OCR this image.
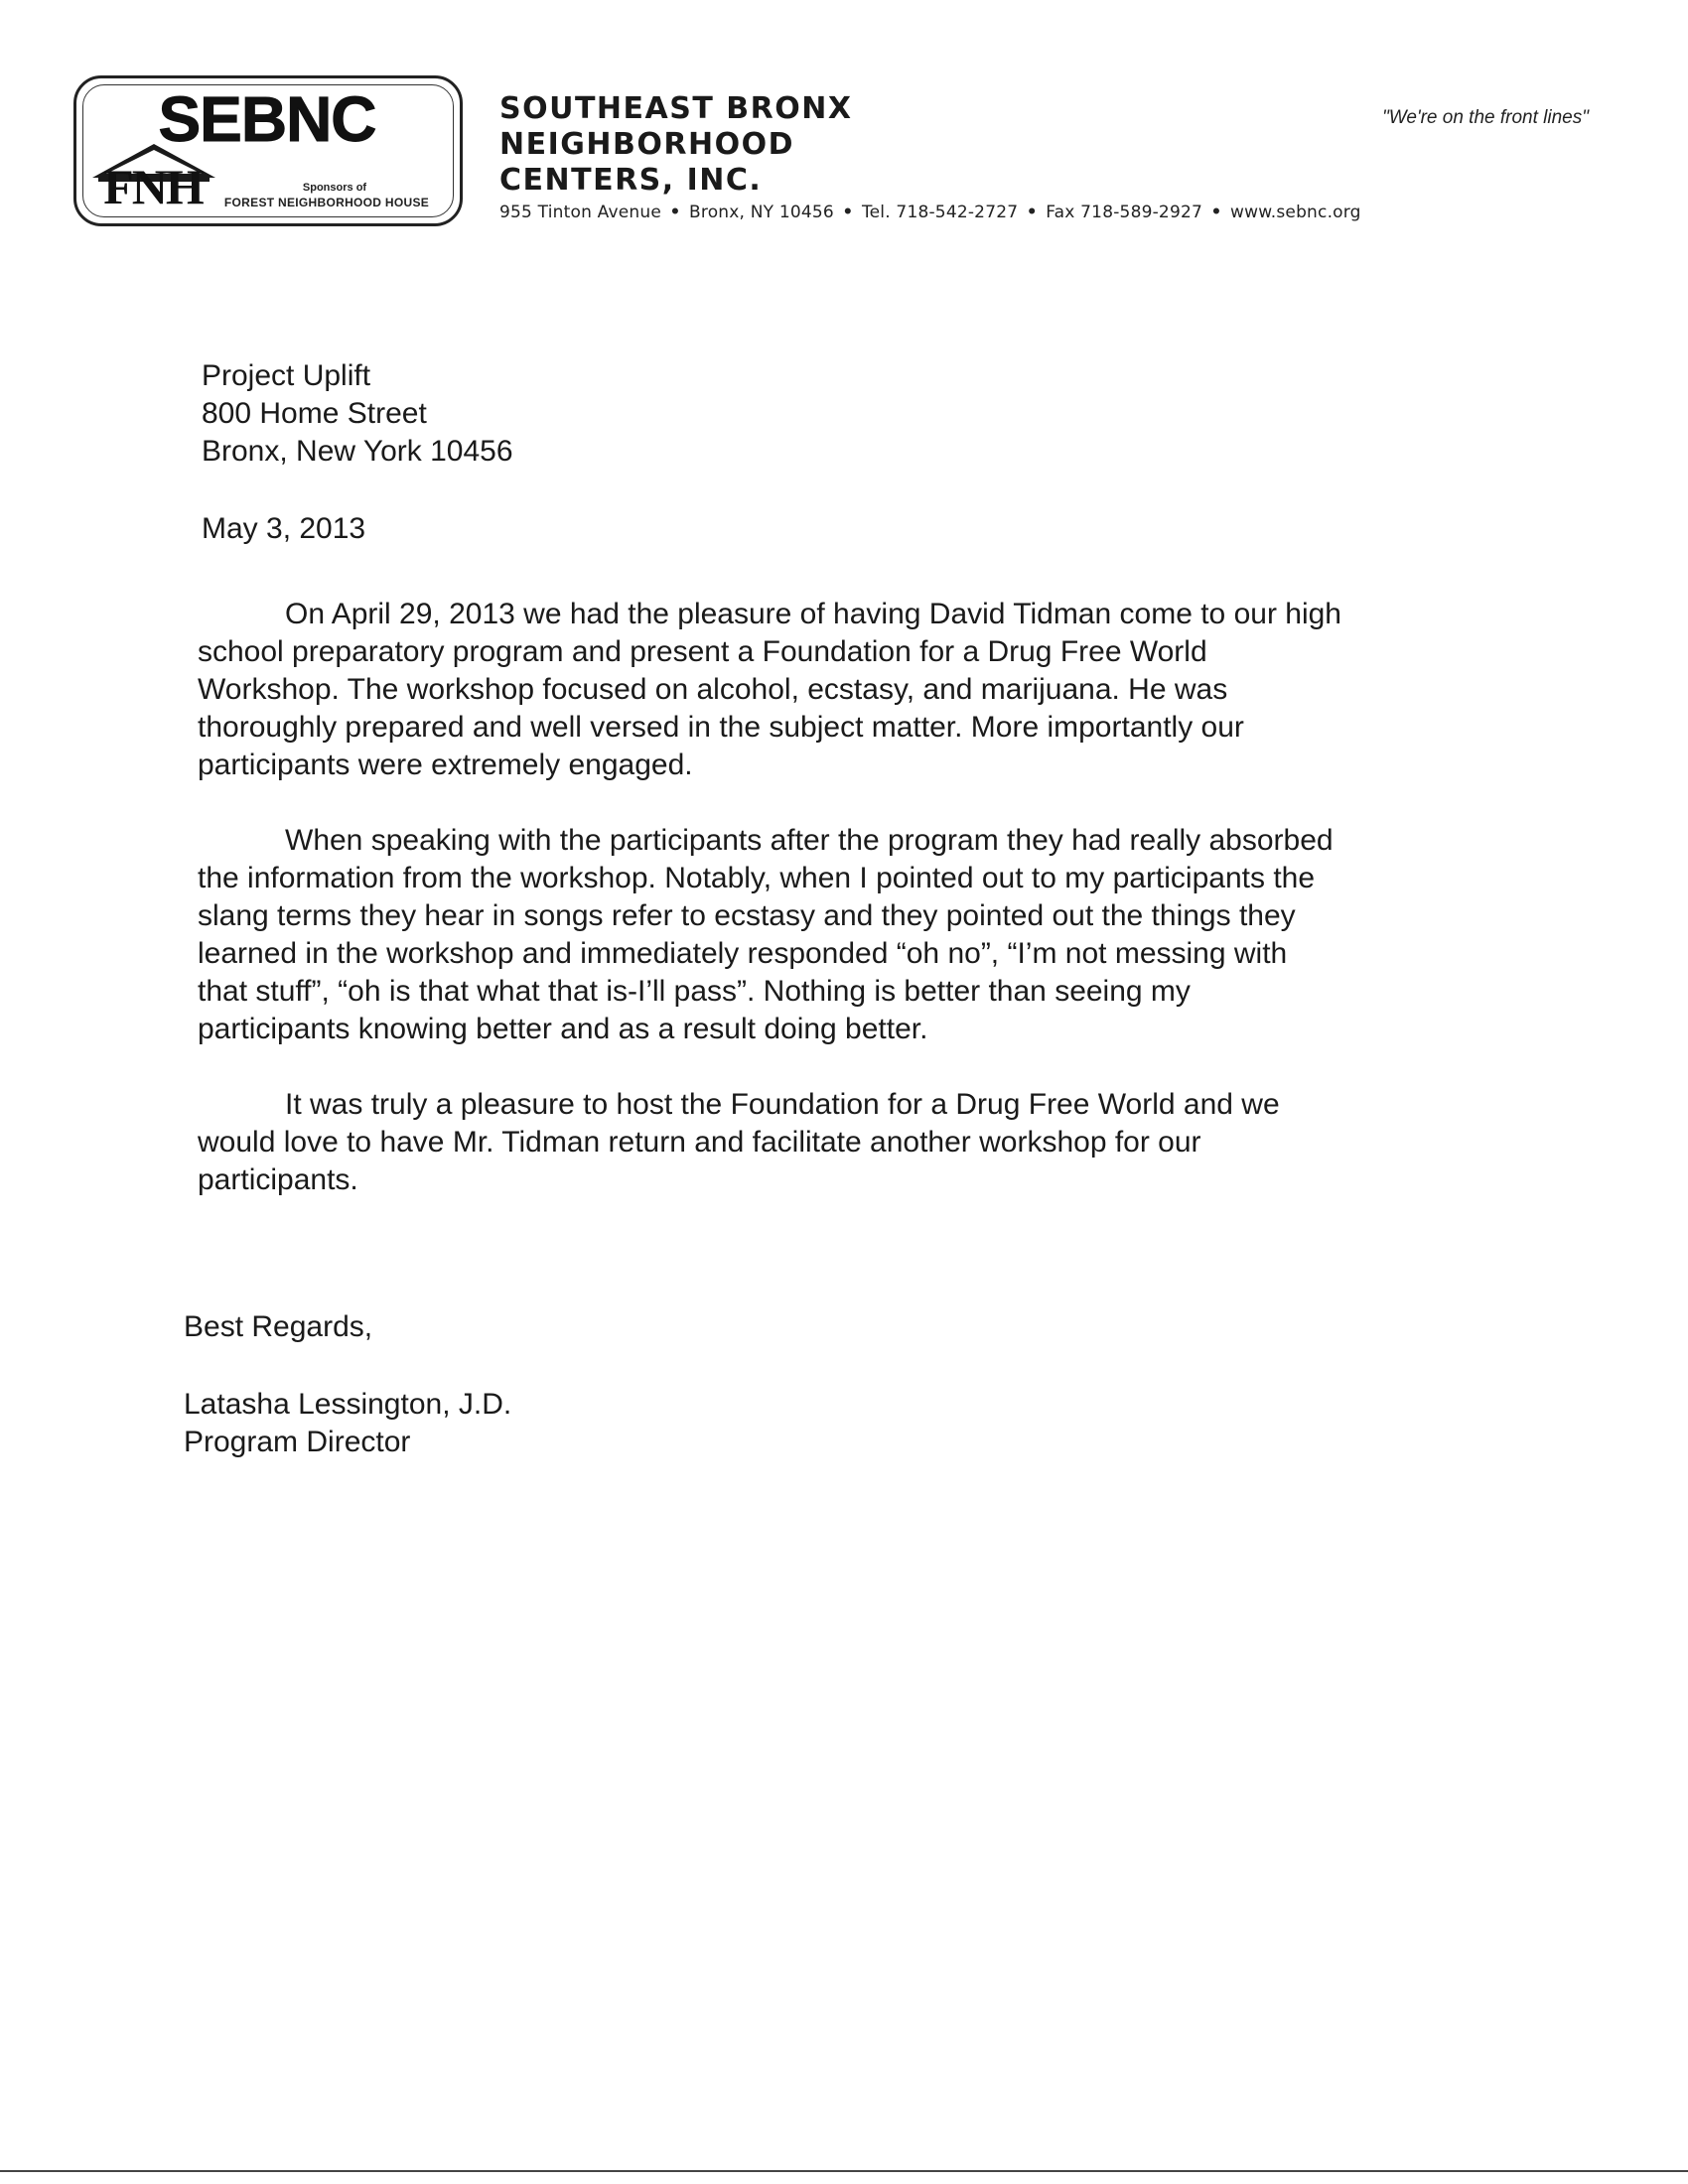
SEBNC
FNH	Sponsors of
FOREST NEIGHBORHOOD HOUSE
SOUTHEAST BRONX
NEIGHBORHOOD
CENTERS, INC.
"We're on the front lines"
955 Tinton Avenue • Bronx, NY 10456 • Tel. 718-542-2727 • Fax 718-589-2927 • www.sebnc.org
Project Uplift
800 Home Street
Bronx, New York 10456
May 3, 2013

On April 29, 2013 we had the pleasure of having David Tidman come to our high
school preparatory program and present a Foundation for a Drug Free World
Workshop. The workshop focused on alcohol, ecstasy, and marijuana. He was
thoroughly prepared and well versed in the subject matter. More importantly our
participants were extremely engaged.

When speaking with the participants after the program they had really absorbed
the information from the workshop. Notably, when I pointed out to my participants the
slang terms they hear in songs refer to ecstasy and they pointed out the things they
learned in the workshop and immediately responded “oh no”, “I’m not messing with
that stuff”, “oh is that what that is-I’ll pass”. Nothing is better than seeing my
participants knowing better and as a result doing better.

It was truly a pleasure to host the Foundation for a Drug Free World and we
would love to have Mr. Tidman return and facilitate another workshop for our
participants.

Best Regards,
Latasha Lessington, J.D.
Program Director
